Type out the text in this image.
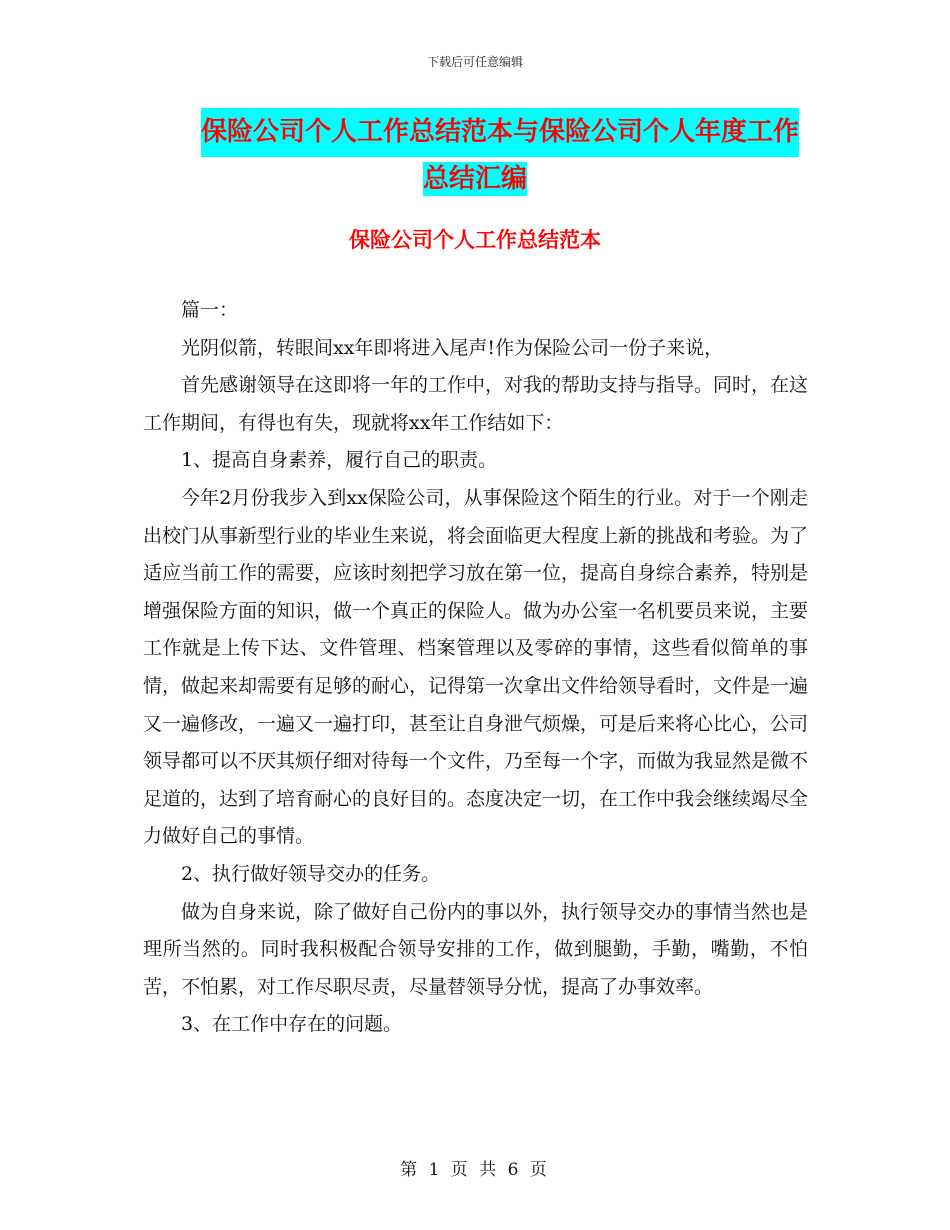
下载后可任意编辑
保险公司个人工作总结范本与保险公司个人年度工作
总结汇编
保险公司个人工作总结范本

篇一：

光阴似箭，转眼间xx年即将进入尾声!作为保险公司一份子来说，

首先感谢领导在这即将一年的工作中，对我的帮助支持与指导。同时，在这工作期间，有得也有失，现就将xx年工作结如下：

1、提高自身素养，履行自己的职责。

今年2月份我步入到xx保险公司，从事保险这个陌生的行业。对于一个刚走出校门从事新型行业的毕业生来说，将会面临更大程度上新的挑战和考验。为了适应当前工作的需要，应该时刻把学习放在第一位，提高自身综合素养，特别是增强保险方面的知识，做一个真正的保险人。做为办公室一名机要员来说，主要工作就是上传下达、文件管理、档案管理以及零碎的事情，这些看似简单的事情，做起来却需要有足够的耐心，记得第一次拿出文件给领导看时，文件是一遍又一遍修改，一遍又一遍打印，甚至让自身泄气烦燥，可是后来将心比心，公司领导都可以不厌其烦仔细对待每一个文件，乃至每一个字，而做为我显然是微不足道的，达到了培育耐心的良好目的。态度决定一切，在工作中我会继续竭尽全力做好自己的事情。

2、执行做好领导交办的任务。

做为自身来说，除了做好自己份内的事以外，执行领导交办的事情当然也是理所当然的。同时我积极配合领导安排的工作，做到腿勤，手勤，嘴勤，不怕苦，不怕累，对工作尽职尽责，尽量替领导分忧，提高了办事效率。

3、在工作中存在的问题。

第 1 页 共 6 页
